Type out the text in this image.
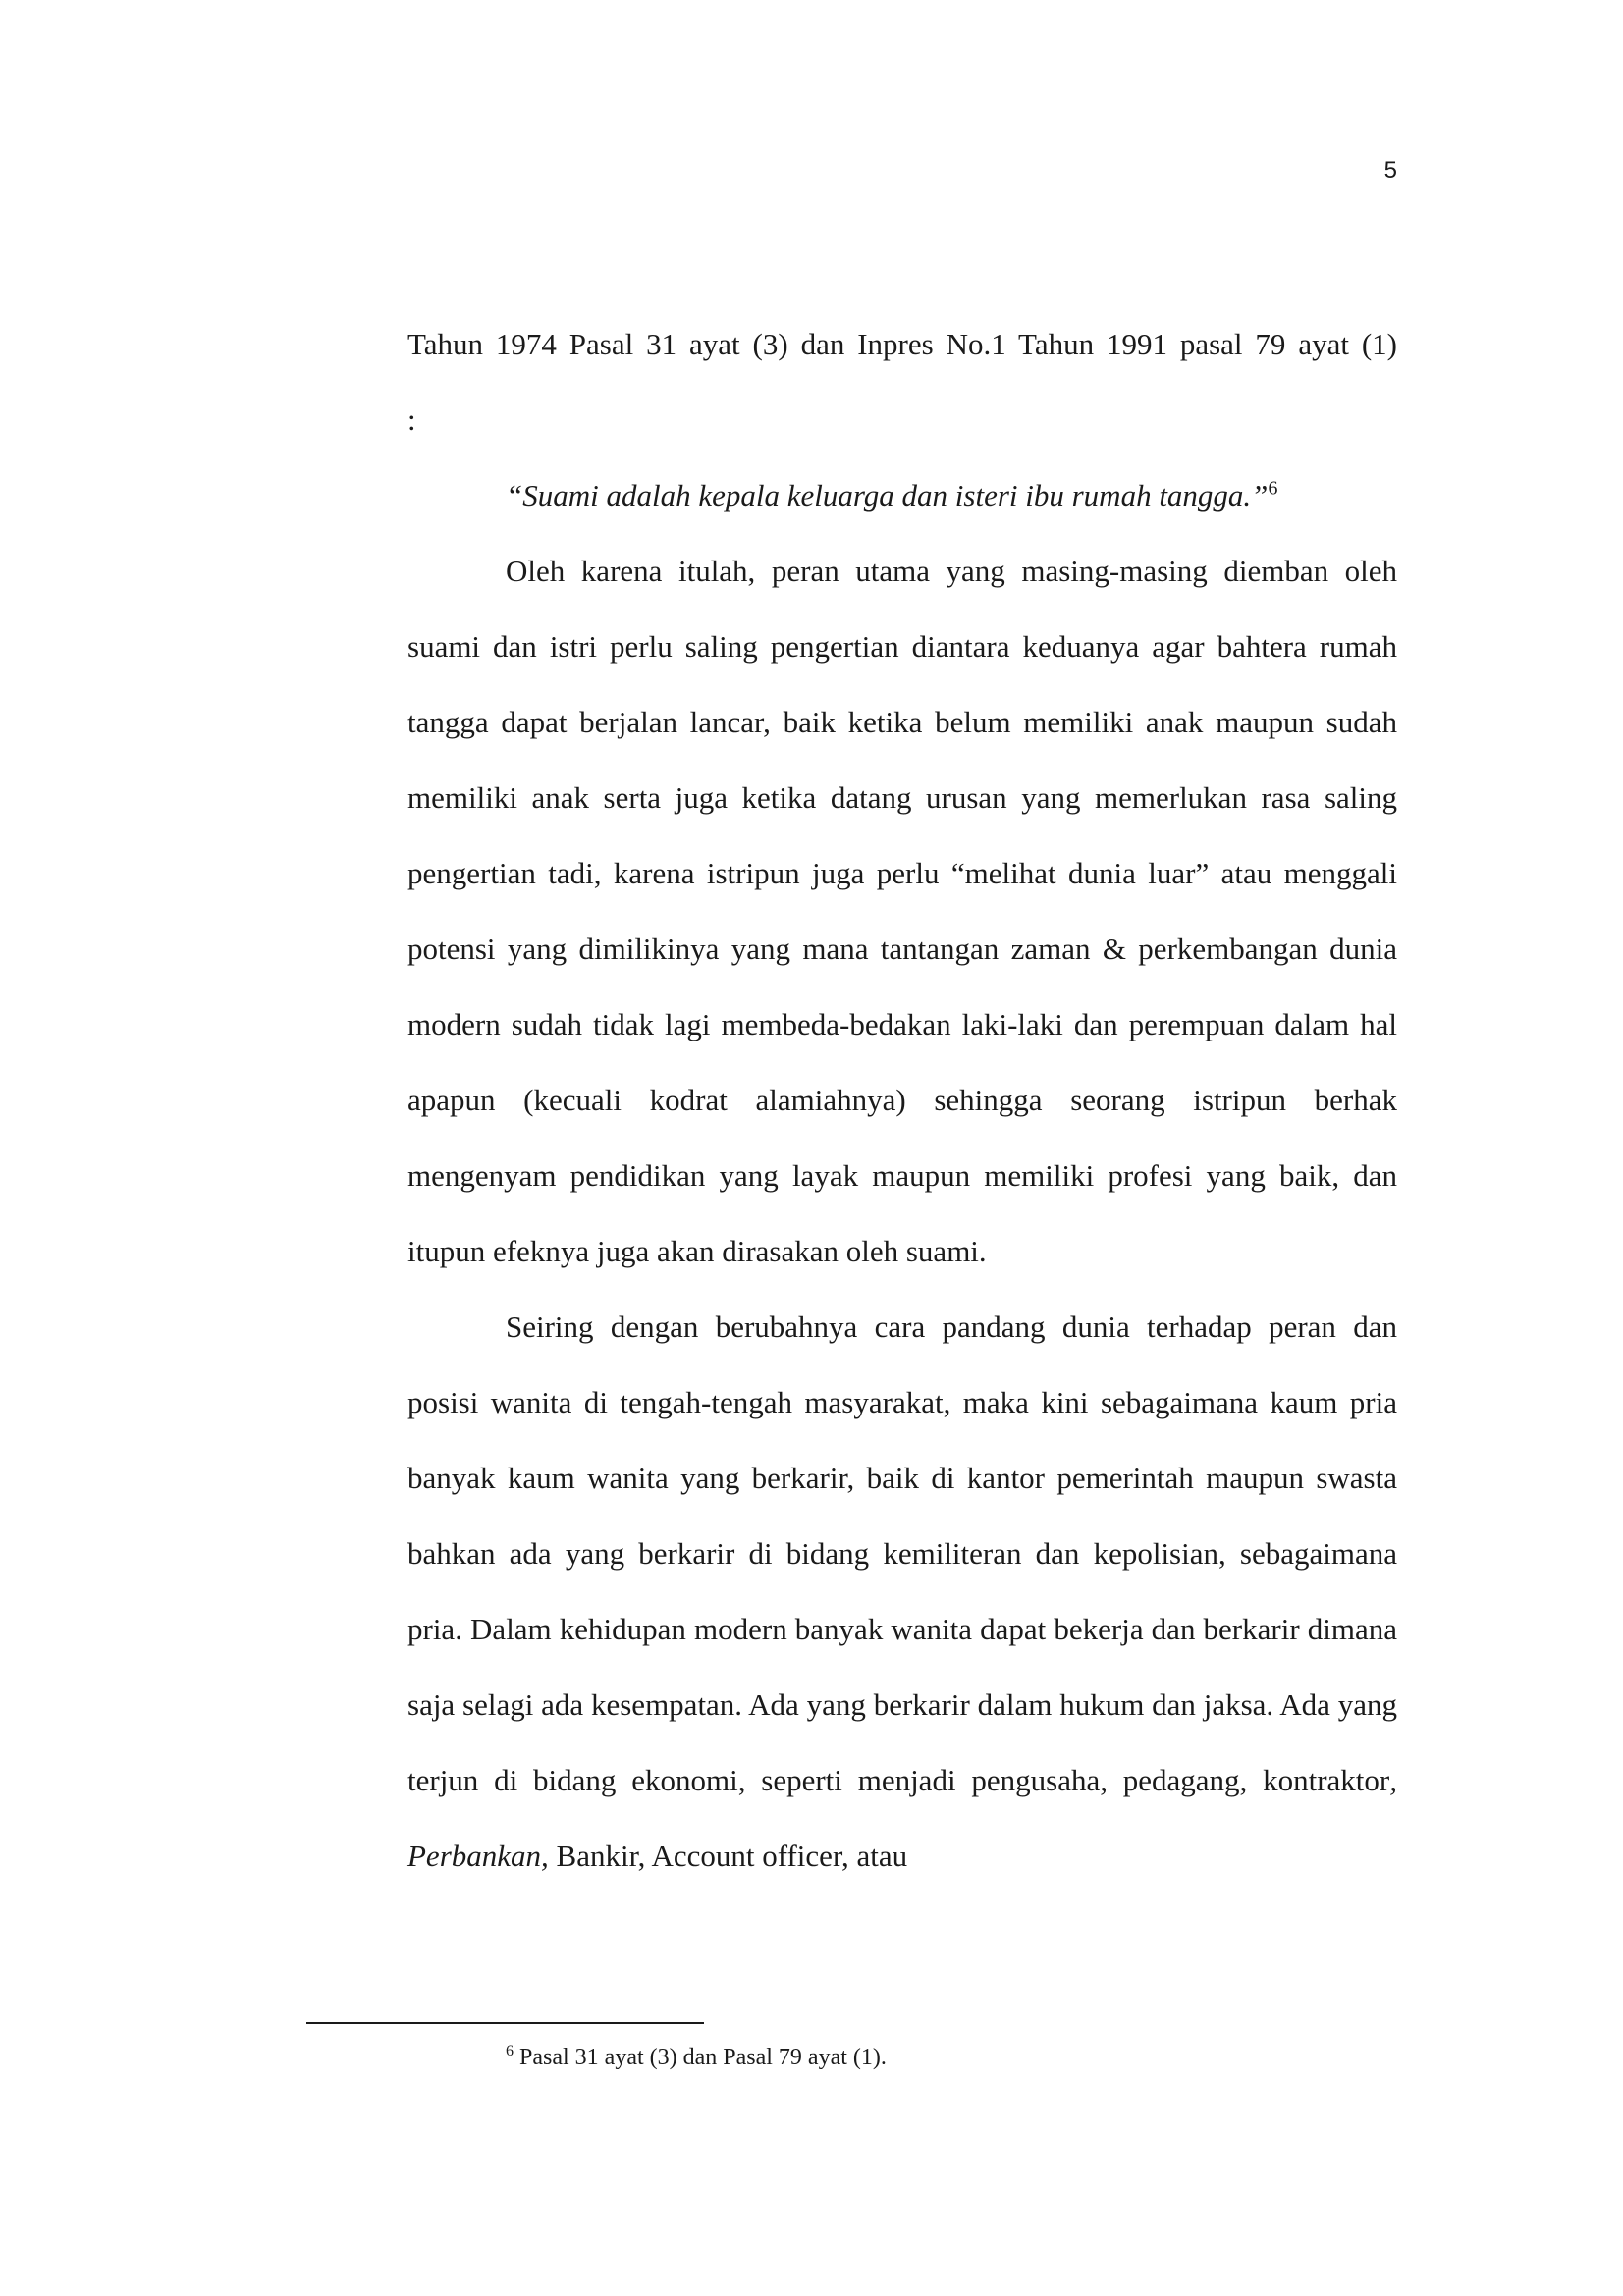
5

Tahun 1974 Pasal 31 ayat (3) dan Inpres No.1 Tahun 1991 pasal 79 ayat (1)

:

“Suami adalah kepala keluarga dan isteri ibu rumah tangga.”$^6$

Oleh karena itulah, peran utama yang masing-masing diemban oleh suami dan istri perlu saling pengertian diantara keduanya agar bahtera rumah tangga dapat berjalan lancar, baik ketika belum memiliki anak maupun sudah memiliki anak serta juga ketika datang urusan yang memerlukan rasa saling pengertian tadi, karena istripun juga perlu “melihat dunia luar” atau menggali potensi yang dimilikinya yang mana tantangan zaman & perkembangan dunia modern sudah tidak lagi membeda-bedakan laki-laki dan perempuan dalam hal apapun (kecuali kodrat alamiahnya) sehingga seorang istripun berhak mengenyam pendidikan yang layak maupun memiliki profesi yang baik, dan itupun efeknya juga akan dirasakan oleh suami.

Seiring dengan berubahnya cara pandang dunia terhadap peran dan posisi wanita di tengah-tengah masyarakat, maka kini sebagaimana kaum pria banyak kaum wanita yang berkarir, baik di kantor pemerintah maupun swasta bahkan ada yang berkarir di bidang kemiliteran dan kepolisian, sebagaimana pria. Dalam kehidupan modern banyak wanita dapat bekerja dan berkarir dimana saja selagi ada kesempatan. Ada yang berkarir dalam hukum dan jaksa. Ada yang terjun di bidang ekonomi, seperti menjadi pengusaha, pedagang, kontraktor, Perbankan, Bankir, Account officer, atau

$^6$ Pasal 31 ayat (3) dan Pasal 79 ayat (1).
